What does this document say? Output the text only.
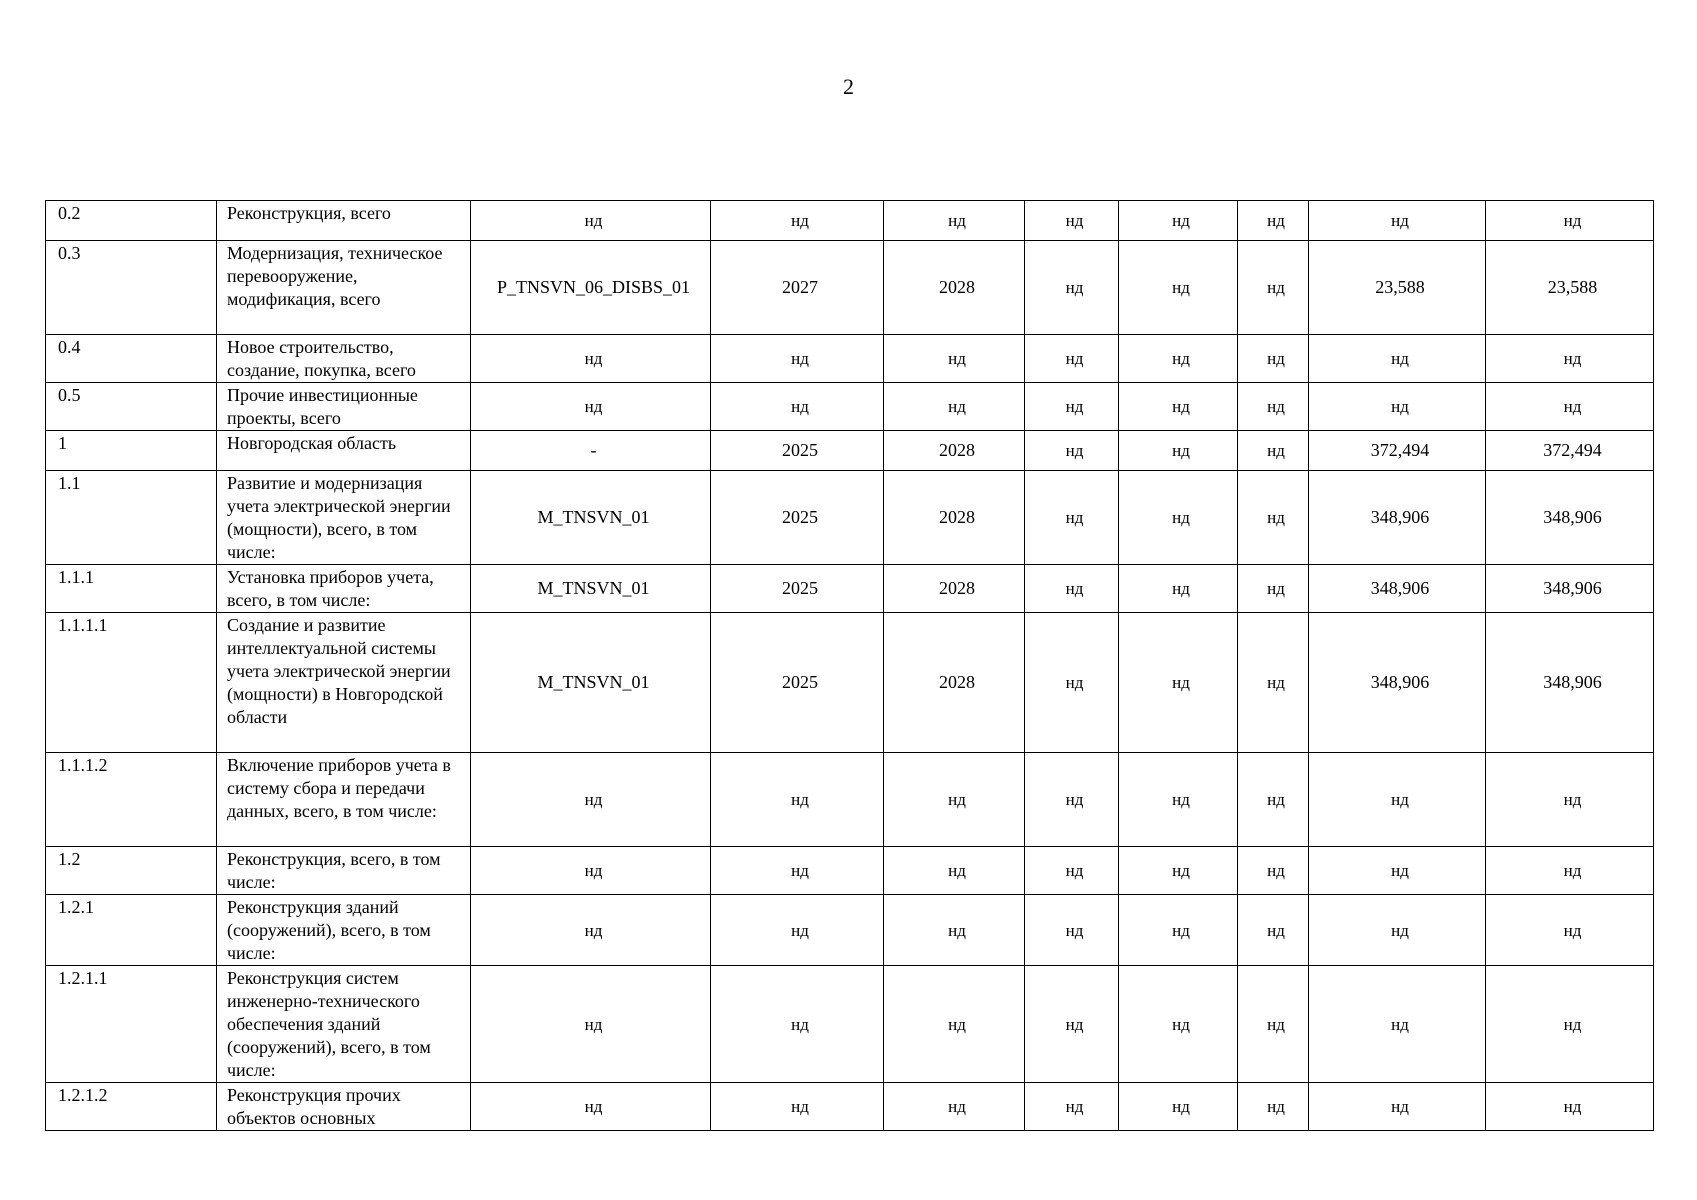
2
0.2	Реконструкция, всего	нд	нд	нд	нд	нд	нд	нд	нд
0.3	Модернизация, техническое перевооружение, модификация, всего	P_TNSVN_06_DISBS_01	2027	2028	нд	нд	нд	23,588	23,588
0.4	Новое строительство, создание, покупка, всего	нд	нд	нд	нд	нд	нд	нд	нд
0.5	Прочие инвестиционные проекты, всего	нд	нд	нд	нд	нд	нд	нд	нд
1	Новгородская область	-	2025	2028	нд	нд	нд	372,494	372,494
1.1	Развитие и модернизация учета электрической энергии (мощности), всего, в том числе:	M_TNSVN_01	2025	2028	нд	нд	нд	348,906	348,906
1.1.1	Установка приборов учета, всего, в том числе:	M_TNSVN_01	2025	2028	нд	нд	нд	348,906	348,906
1.1.1.1	Создание и развитие интеллектуальной системы учета электрической энергии (мощности) в Новгородской области	M_TNSVN_01	2025	2028	нд	нд	нд	348,906	348,906
1.1.1.2	Включение приборов учета в систему сбора и передачи данных, всего, в том числе:	нд	нд	нд	нд	нд	нд	нд	нд
1.2	Реконструкция, всего, в том числе:	нд	нд	нд	нд	нд	нд	нд	нд
1.2.1	Реконструкция зданий (сооружений), всего, в том числе:	нд	нд	нд	нд	нд	нд	нд	нд
1.2.1.1	Реконструкция систем инженерно-технического обеспечения зданий (сооружений), всего, в том числе:	нд	нд	нд	нд	нд	нд	нд	нд
1.2.1.2	Реконструкция прочих объектов основных	нд	нд	нд	нд	нд	нд	нд	нд
